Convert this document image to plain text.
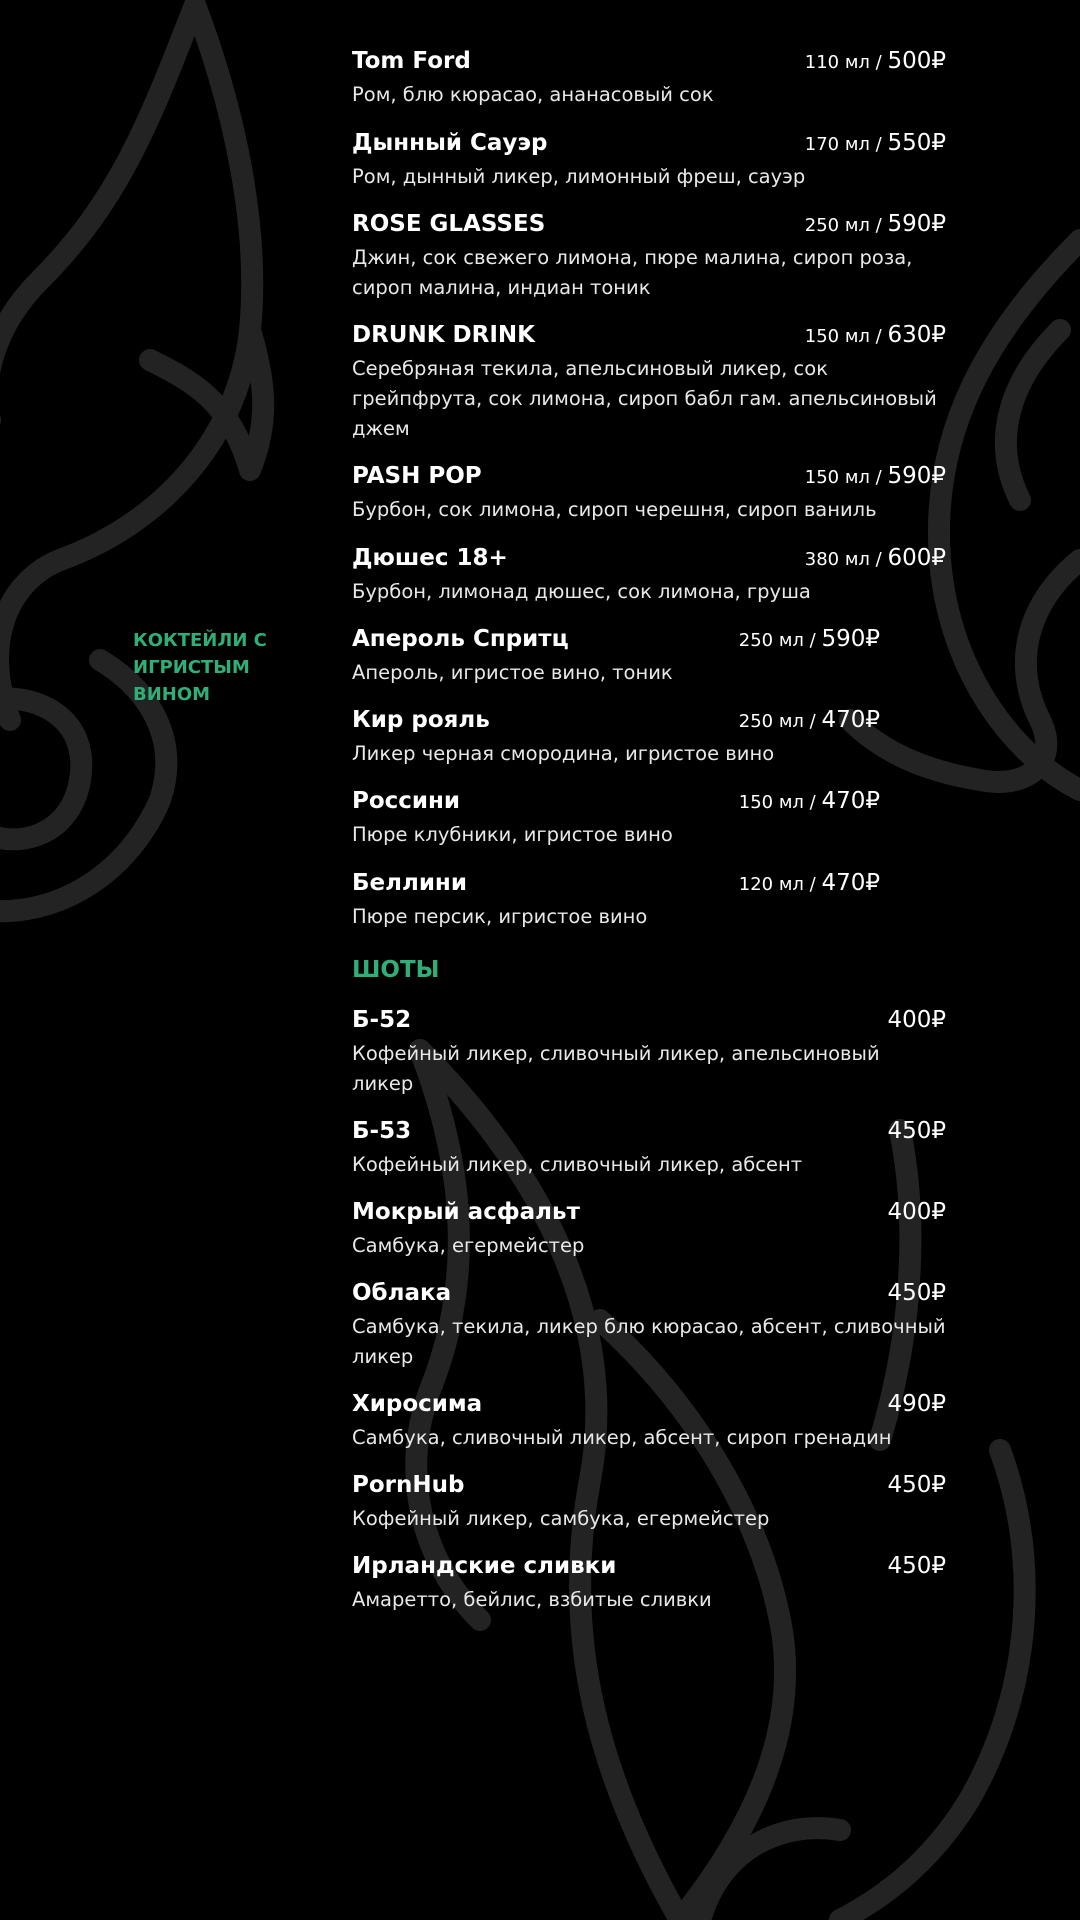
Tom Ford	110 мл / 500₽

Ром, блю кюрасао, ананасовый сок

Дынный Сауэр	170 мл / 550₽

Ром, дынный ликер, лимонный фреш, сауэр

ROSE GLASSES	250 мл / 590₽

Джин, сок свежего лимона, пюре малина, сироп роза, сироп малина, индиан тоник

DRUNK DRINK	150 мл / 630₽

Серебряная текила, апельсиновый ликер, сок грейпфрута, сок лимона, сироп бабл гам. апельсиновый джем

PASH POP	150 мл / 590₽

Бурбон, сок лимона, сироп черешня, сироп ваниль

Дюшес 18+	380 мл / 600₽

Бурбон, лимонад дюшес, сок лимона, груша

КОКТЕЙЛИ С ИГРИСТЫМ ВИНОМ

Апероль Спритц	250 мл / 590₽

Апероль, игристое вино, тоник

Кир рояль	250 мл / 470₽

Ликер черная смородина, игристое вино

Россини	150 мл / 470₽

Пюре клубники, игристое вино

Беллини	120 мл / 470₽

Пюре персик, игристое вино

ШОТЫ

Б-52	400₽

Кофейный ликер, сливочный ликер, апельсиновый ликер

Б-53	450₽

Кофейный ликер, сливочный ликер, абсент

Мокрый асфальт	400₽

Самбука, егермейстер

Облака	450₽

Самбука, текила, ликер блю кюрасао, абсент, сливочный ликер

Хиросима	490₽

Самбука, сливочный ликер, абсент, сироп гренадин

PornHub	450₽

Кофейный ликер, самбука, егермейстер

Ирландские сливки	450₽

Амаретто, бейлис, взбитые сливки
